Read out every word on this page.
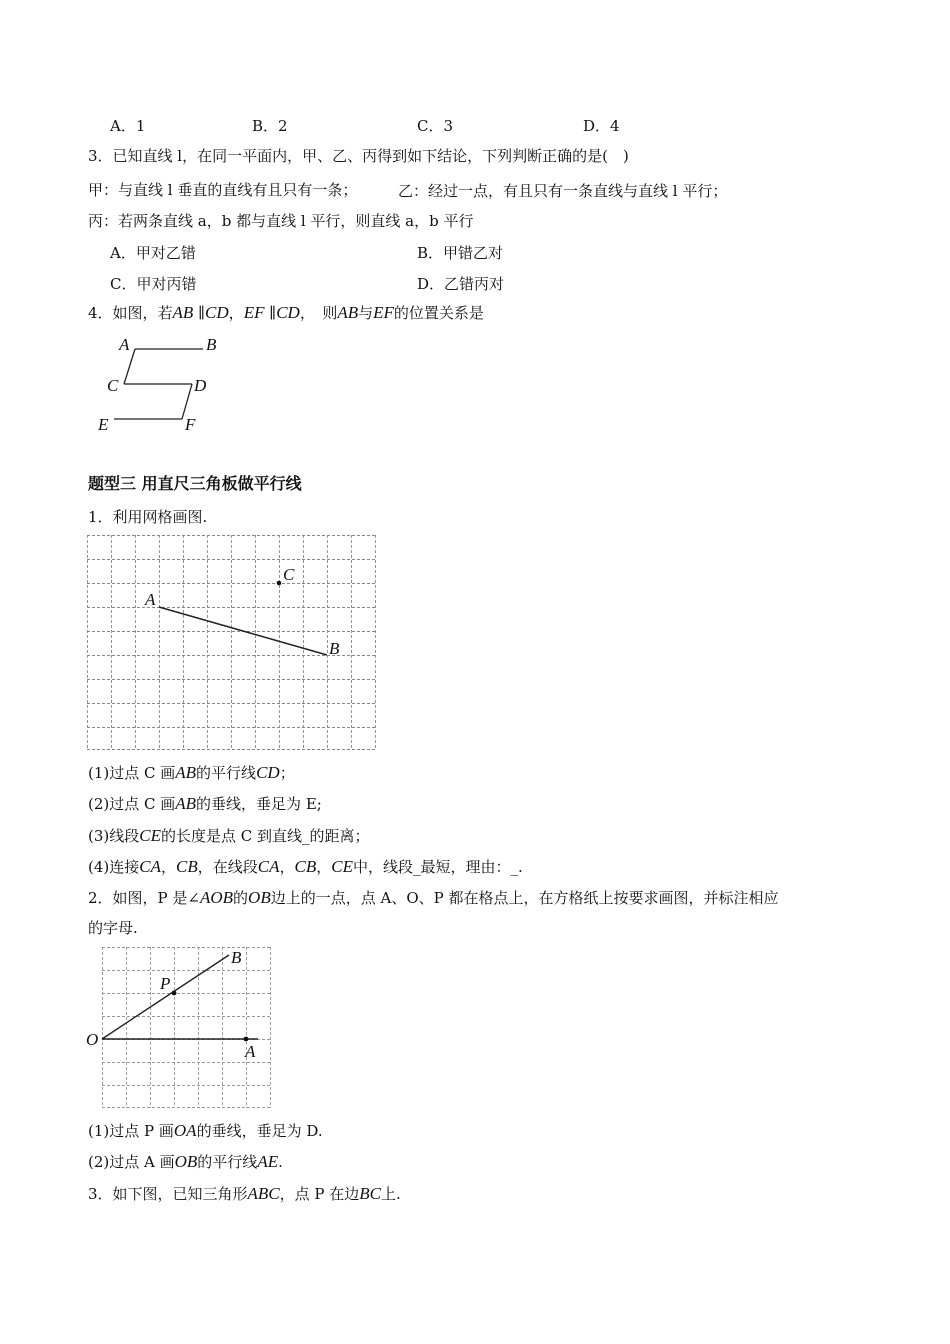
A．1	B．2	C．3	D．4
3．已知直线 l，在同一平面内，甲、乙、丙得到如下结论，下列判断正确的是(　)
甲：与直线 l 垂直的直线有且只有一条；	乙：经过一点，有且只有一条直线与直线 l 平行；
丙：若两条直线 a，b 都与直线 l 平行，则直线 a，b 平行
A．甲对乙错	B．甲错乙对
C．甲对丙错	D．乙错丙对
4．如图，若AB ∥CD，EF ∥CD，　则AB与EF的位置关系是
A	B
C	D
E	F
题型三 用直尺三角板做平行线
1．利用网格画图.
A
B
C
(1)过点 C 画AB的平行线CD；
(2)过点 C 画AB的垂线，垂足为 E;
(3)线段CE的长度是点 C 到直线_的距离；
(4)连接CA，CB，在线段CA，CB，CE中，线段_最短，理由：_.
2．如图，P 是∠AOB的OB边上的一点，点 A、O、P 都在格点上，在方格纸上按要求画图，并标注相应
的字母.
O
A
B
P
(1)过点 P 画OA的垂线，垂足为 D.
(2)过点 A 画OB的平行线AE.
3．如下图，已知三角形ABC，点 P 在边BC上.
